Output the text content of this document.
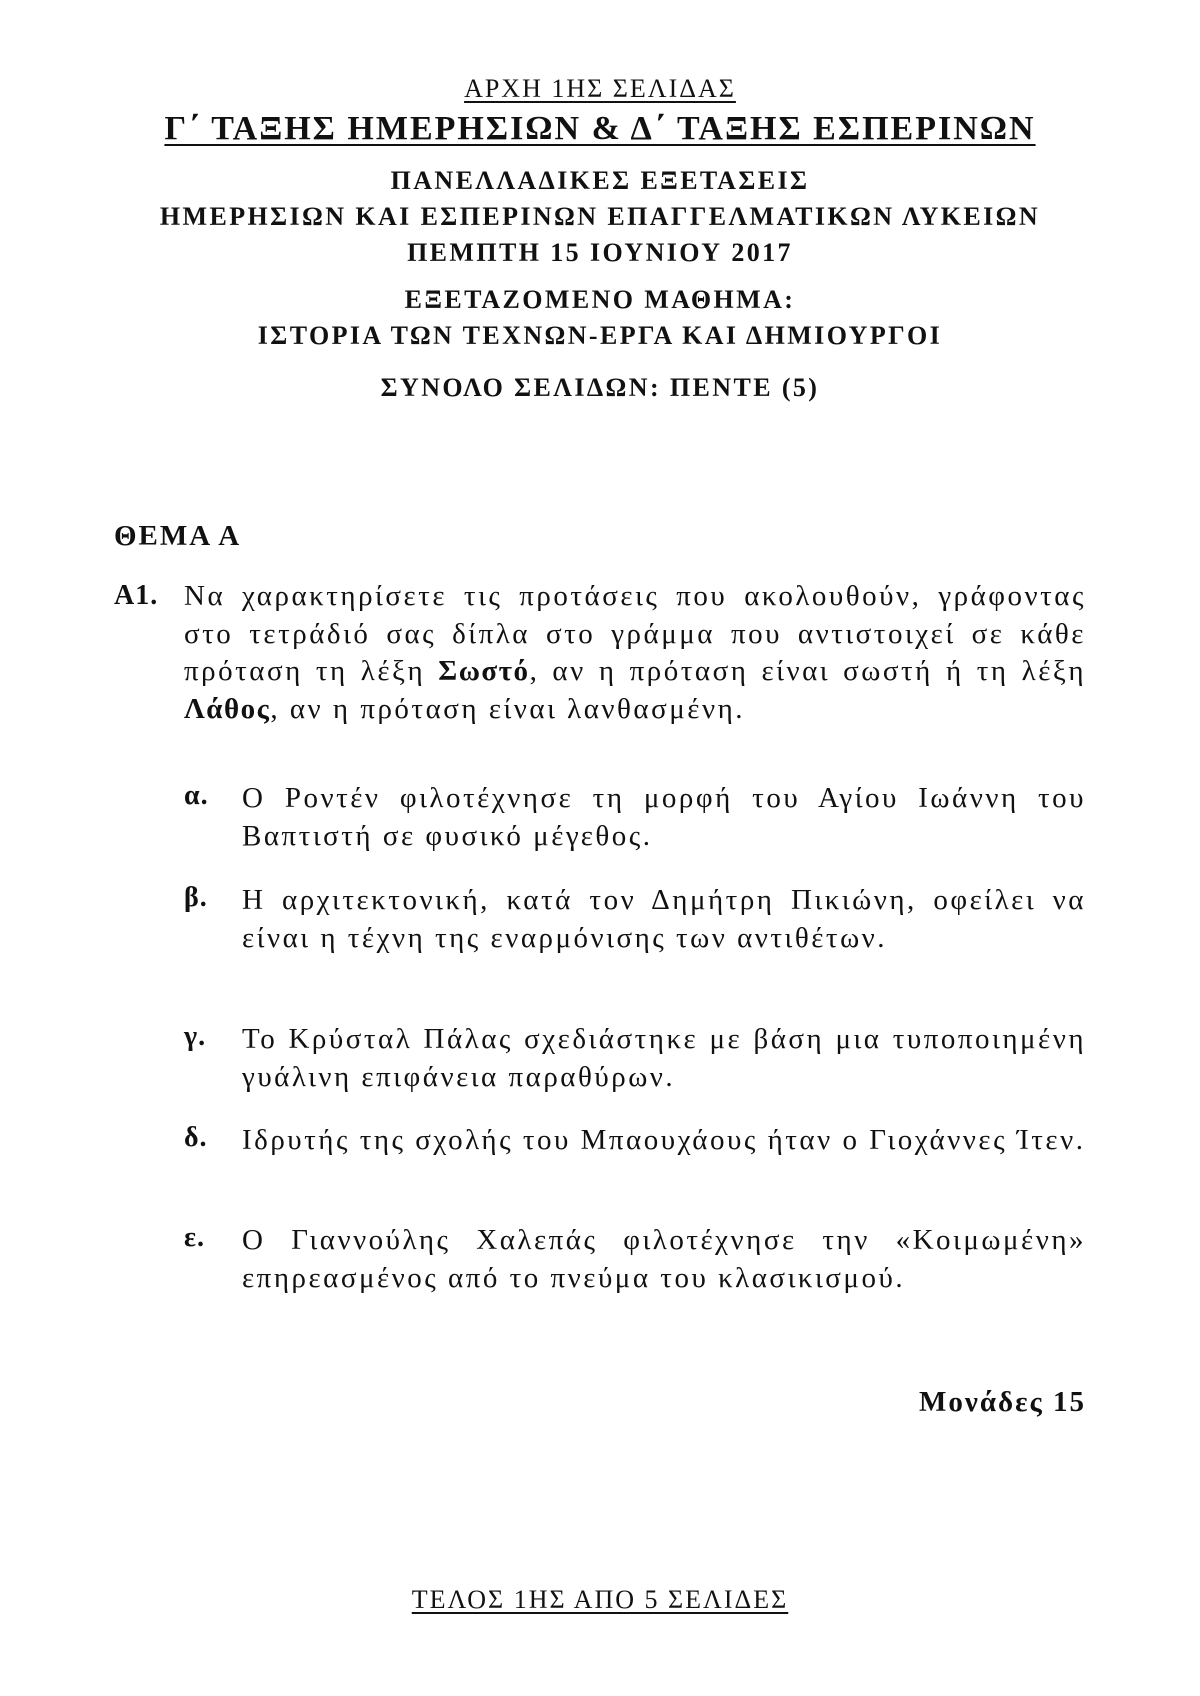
ΑΡΧΗ 1ΗΣ ΣΕΛΙΔΑΣ
Γ΄ ΤΑΞΗΣ ΗΜΕΡΗΣΙΩΝ & Δ΄ ΤΑΞΗΣ ΕΣΠΕΡΙΝΩΝ
ΠΑΝΕΛΛΑΔΙΚΕΣ ΕΞΕΤΑΣΕΙΣ
ΗΜΕΡΗΣΙΩΝ ΚΑΙ ΕΣΠΕΡΙΝΩΝ ΕΠΑΓΓΕΛΜΑΤΙΚΩΝ ΛΥΚΕΙΩΝ
ΠΕΜΠΤΗ 15 ΙΟΥΝΙΟΥ 2017
ΕΞΕΤΑΖΟΜΕΝΟ ΜΑΘΗΜΑ:
ΙΣΤΟΡΙΑ ΤΩΝ ΤΕΧΝΩΝ-ΕΡΓΑ ΚΑΙ ΔΗΜΙΟΥΡΓΟΙ
ΣΥΝΟΛΟ ΣΕΛΙΔΩΝ: ΠΕΝΤΕ (5)
ΘΕΜΑ Α
Α1. Να χαρακτηρίσετε τις προτάσεις που ακολουθούν, γράφοντας στο τετράδιό σας δίπλα στο γράμμα που αντιστοιχεί σε κάθε πρόταση τη λέξη Σωστό, αν η πρόταση είναι σωστή ή τη λέξη Λάθος, αν η πρόταση είναι λανθασμένη.
α. Ο Ροντέν φιλοτέχνησε τη μορφή του Αγίου Ιωάννη του Βαπτιστή σε φυσικό μέγεθος.
β. Η αρχιτεκτονική, κατά τον Δημήτρη Πικιώνη, οφείλει να είναι η τέχνη της εναρμόνισης των αντιθέτων.
γ. Το Κρύσταλ Πάλας σχεδιάστηκε με βάση μια τυποποιημένη γυάλινη επιφάνεια παραθύρων.
δ. Ιδρυτής της σχολής του Μπαουχάους ήταν ο Γιοχάννες Ίτεν.
ε. Ο Γιαννούλης Χαλεπάς φιλοτέχνησε την «Κοιμωμένη» επηρεασμένος από το πνεύμα του κλασικισμού.
Μονάδες 15
ΤΕΛΟΣ 1ΗΣ ΑΠΟ 5 ΣΕΛΙΔΕΣ
